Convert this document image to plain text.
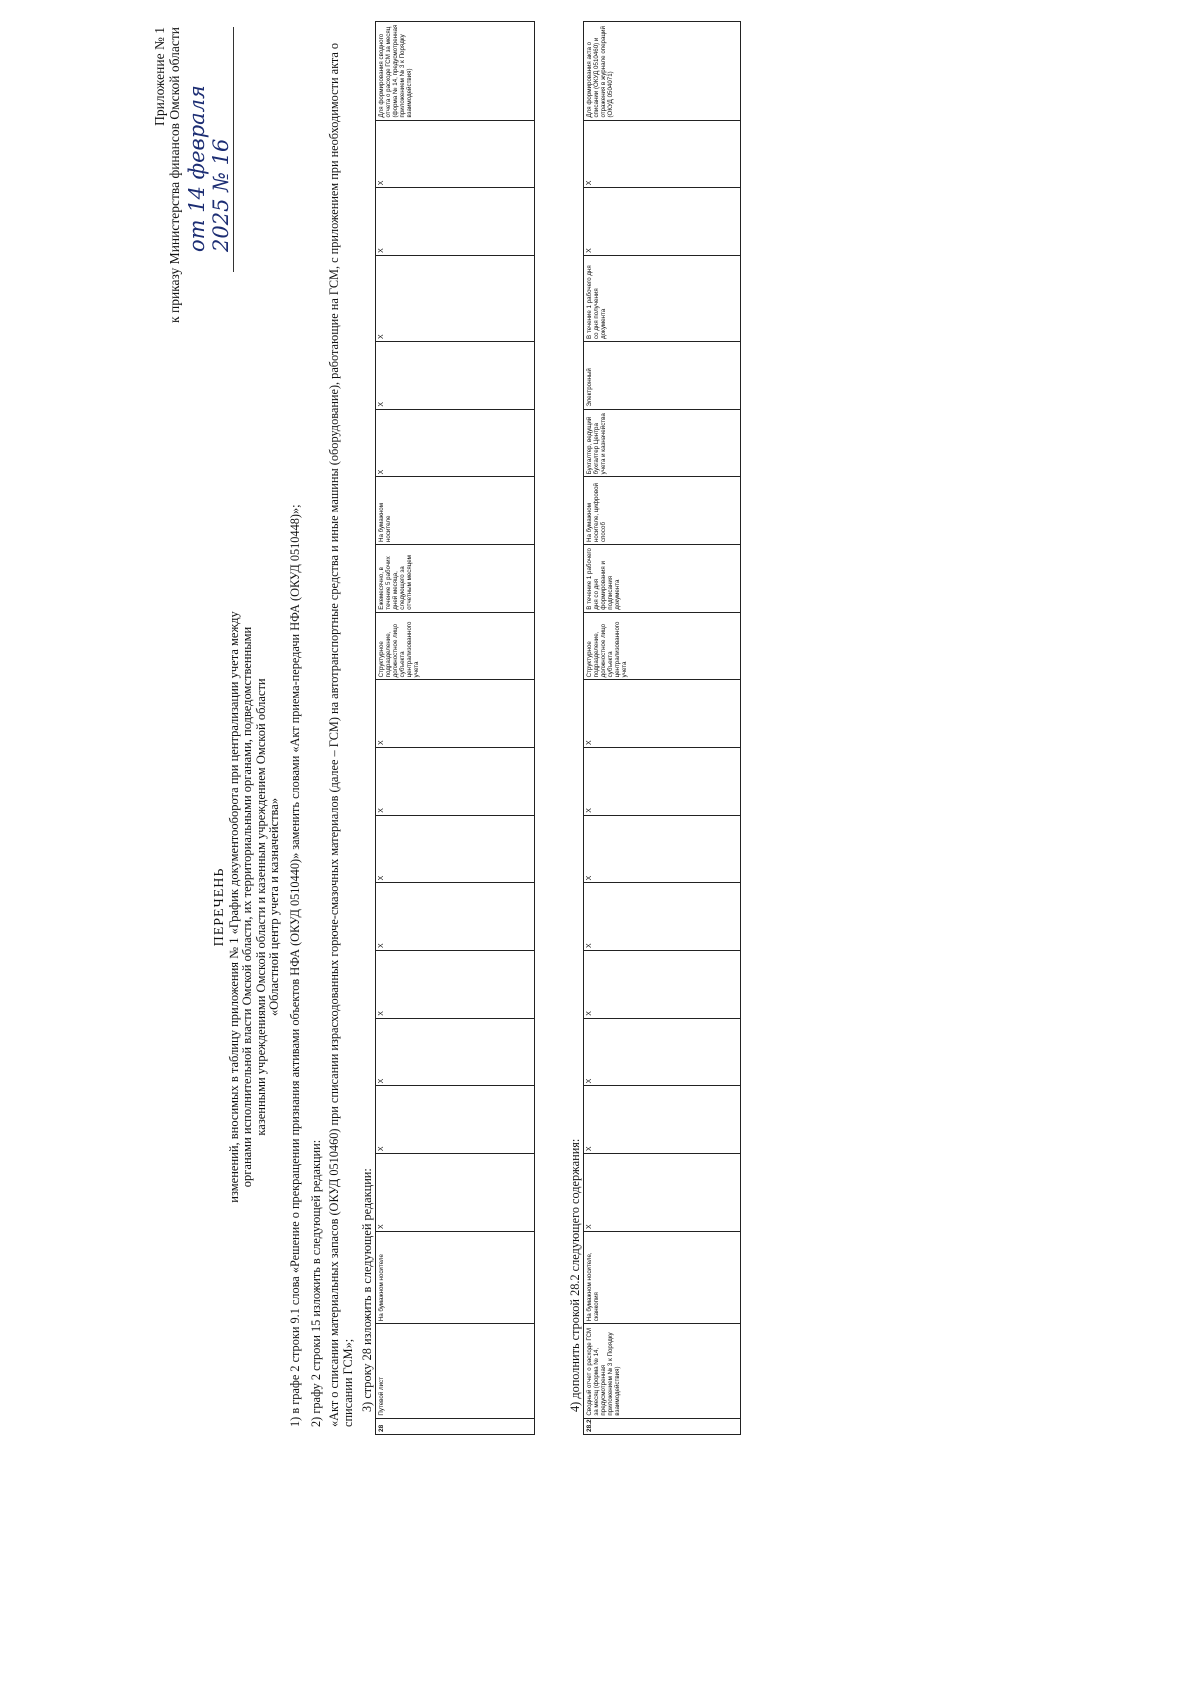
Приложение № 1 к приказу Министерства финансов Омской области от 14 февраля 2025 № 16
ПЕРЕЧЕНЬ изменений, вносимых в таблицу приложения № 1 «График документооборота при централизации учета между органами исполнительной власти Омской области, их территориальными органами, подведомственными казенными учреждениями Омской области и казенным учреждением Омской области «Областной центр учета и казначейства» 1) в графе 2 строки 9.1 слова «Решение о прекращении признания активами объектов НФА (ОКУД 0510440)» заменить словами «Акт приема-передачи НФА (ОКУД 0510448)»; 2) графу 2 строки 15 изложить в следующей редакции: «Акт о списании материальных запасов (ОКУД 0510460) при списании израсходованных горюче-смазочных материалов (далее – ГСМ) на автотранспортные средства и иные машины (оборудование), работающие на ГСМ, с приложением при необходимости акта о списании ГСМ»; 3) строку 28 изложить в следующей редакции:
28	Путевой лист	На бумажном носителе	Х	Х	Х	Х	Х	Х	Х	Х	Структурное подразделение, должностное лицо субъекта централизованного учета	Ежемесячно, в течение 5 рабочих дней месяца, следующего за отчетным месяцем	На бумажном носителе	Х	Х	Х	Х	Х	Для формирования сводного отчета о расходе ГСМ за месяц (форма № 14, предусмотренная приложением № 3 к Порядку взаимодействия)
4) дополнить строкой 28.2 следующего содержания:
28.2	Сводный отчет о расходе ГСМ за месяц (форма № 14, предусмотренная приложением № 3 к Порядку взаимодействия)	На бумажном носителе, сканкопия	Х	Х	Х	Х	Х	Х	Х	Х	Структурное подразделение, должностное лицо субъекта централизованного учета	В течение 1 рабочего дня со дня формирования и подписания документа	На бумажном носителе, цифровой способ	Бухгалтер, ведущий бухгалтер Центра учета и казначейства	Электронный	В течение 1 рабочего дня со дня получения документа	Х	Х	Для формирования акта о списании (ОКУД 0510460) и отражения в журнале операций (ОКУД 0504071)
